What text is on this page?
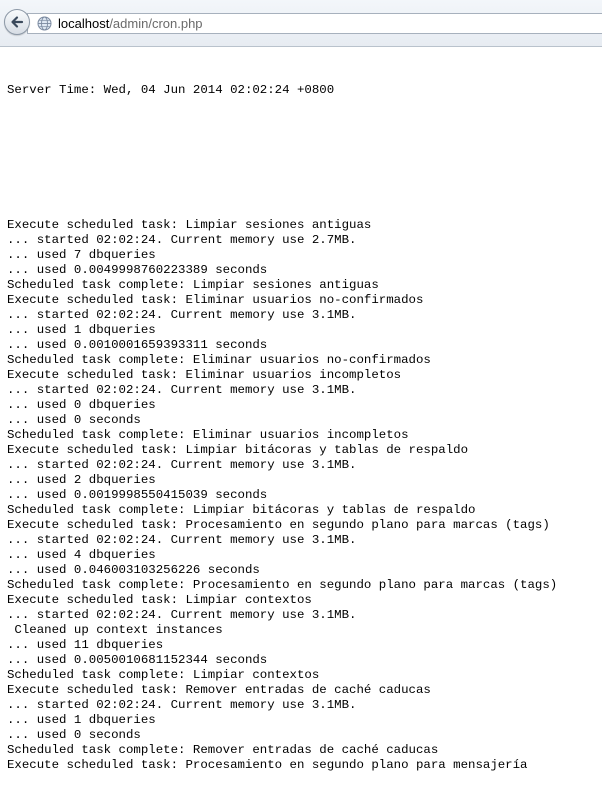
localhost/admin/cron.php

Server Time: Wed, 04 Jun 2014 02:02:24 +0800

Execute scheduled task: Limpiar sesiones antiguas
... started 02:02:24. Current memory use 2.7MB.
... used 7 dbqueries
... used 0.0049998760223389 seconds
Scheduled task complete: Limpiar sesiones antiguas
Execute scheduled task: Eliminar usuarios no-confirmados
... started 02:02:24. Current memory use 3.1MB.
... used 1 dbqueries
... used 0.0010001659393311 seconds
Scheduled task complete: Eliminar usuarios no-confirmados
Execute scheduled task: Eliminar usuarios incompletos
... started 02:02:24. Current memory use 3.1MB.
... used 0 dbqueries
... used 0 seconds
Scheduled task complete: Eliminar usuarios incompletos
Execute scheduled task: Limpiar bitácoras y tablas de respaldo
... started 02:02:24. Current memory use 3.1MB.
... used 2 dbqueries
... used 0.0019998550415039 seconds
Scheduled task complete: Limpiar bitácoras y tablas de respaldo
Execute scheduled task: Procesamiento en segundo plano para marcas (tags)
... started 02:02:24. Current memory use 3.1MB.
... used 4 dbqueries
... used 0.046003103256226 seconds
Scheduled task complete: Procesamiento en segundo plano para marcas (tags)
Execute scheduled task: Limpiar contextos
... started 02:02:24. Current memory use 3.1MB.
Cleaned up context instances
... used 11 dbqueries
... used 0.0050010681152344 seconds
Scheduled task complete: Limpiar contextos
Execute scheduled task: Remover entradas de caché caducas
... started 02:02:24. Current memory use 3.1MB.
... used 1 dbqueries
... used 0 seconds
Scheduled task complete: Remover entradas de caché caducas
Execute scheduled task: Procesamiento en segundo plano para mensajería
